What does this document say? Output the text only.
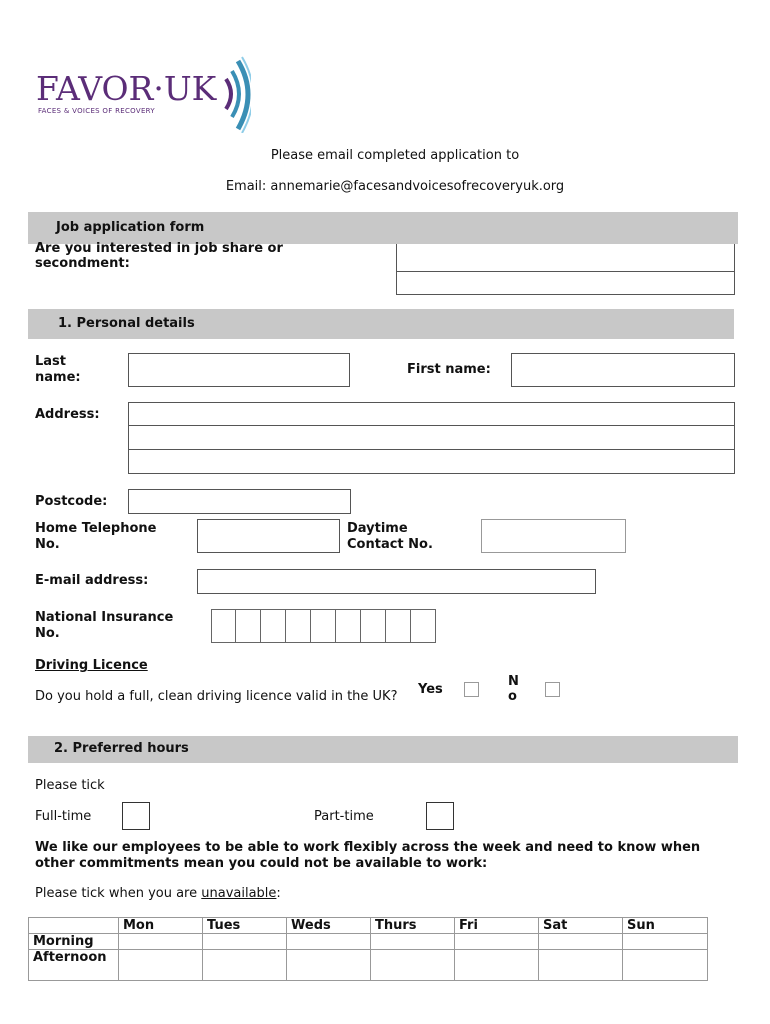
FAVOR·UK
FACES & VOICES OF RECOVERY
Please email completed application to
Email: annemarie@facesandvoicesofrecoveryuk.org
Job application form
Are you interested in job share or secondment:
1. Personal details
Last name:
First name:
Address:
Postcode:
Home Telephone No.
Daytime Contact No.
E-mail address:
National Insurance No.
Driving Licence
Do you hold a full, clean driving licence valid in the UK?	Yes
No
2. Preferred hours
Please tick
Full-time	Part-time
We like our employees to be able to work flexibly across the week and need to know when other commitments mean you could not be available to work:
Please tick when you are unavailable:
	Mon	Tues	Weds	Thurs	Fri	Sat	Sun
Morning							
Afternoon							
